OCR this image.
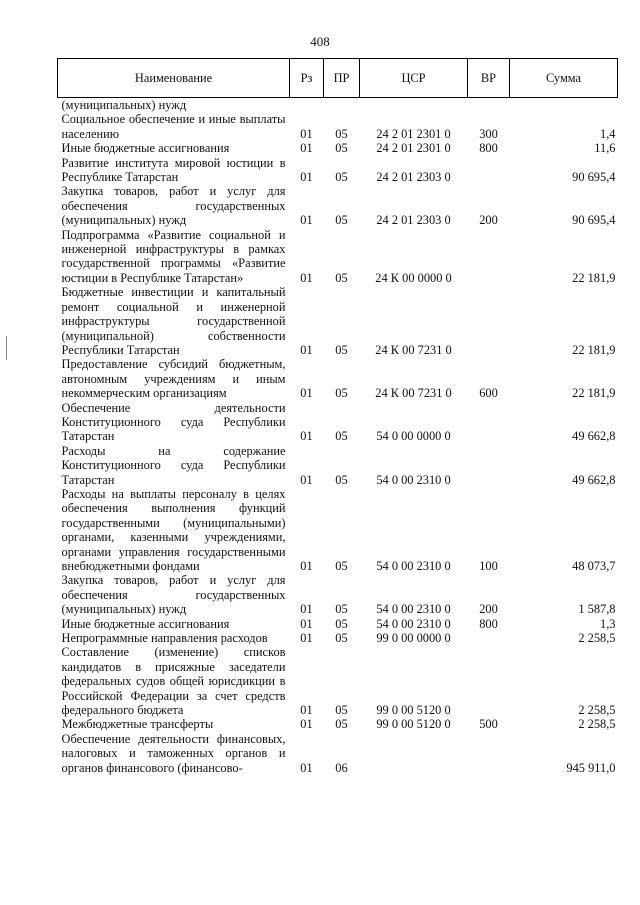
408
Наименование	Рз	ПР	ЦСР	ВР	Сумма
(муниципальных) нужд					
Социальное обеспечение и иные выплаты населению	01	05	24 2 01 2301 0	300	1,4
Иные бюджетные ассигнования	01	05	24 2 01 2301 0	800	11,6
Развитие института мировой юстиции в Республике Татарстан	01	05	24 2 01 2303 0		90 695,4
Закупка товаров, работ и услуг для обеспечения государственных (муниципальных) нужд	01	05	24 2 01 2303 0	200	90 695,4
Подпрограмма «Развитие социальной и инженерной инфраструктуры в рамках государственной программы «Развитие юстиции в Республике Татарстан»	01	05	24 К 00 0000 0		22 181,9
Бюджетные инвестиции и капитальный ремонт социальной и инженерной инфраструктуры государственной (муниципальной) собственности Республики Татарстан	01	05	24 К 00 7231 0		22 181,9
Предоставление субсидий бюджетным, автономным учреждениям и иным некоммерческим организациям	01	05	24 К 00 7231 0	600	22 181,9
Обеспечение деятельности Конституционного суда Республики Татарстан	01	05	54 0 00 0000 0		49 662,8
Расходы на содержание Конституционного суда Республики Татарстан	01	05	54 0 00 2310 0		49 662,8
Расходы на выплаты персоналу в целях обеспечения выполнения функций государственными (муниципальными) органами, казенными учреждениями, органами управления государственными внебюджетными фондами	01	05	54 0 00 2310 0	100	48 073,7
Закупка товаров, работ и услуг для обеспечения государственных (муниципальных) нужд	01	05	54 0 00 2310 0	200	1 587,8
Иные бюджетные ассигнования	01	05	54 0 00 2310 0	800	1,3
Непрограммные направления расходов	01	05	99 0 00 0000 0		2 258,5
Составление (изменение) списков кандидатов в присяжные заседатели федеральных судов общей юрисдикции в Российской Федерации за счет средств федерального бюджета	01	05	99 0 00 5120 0		2 258,5
Межбюджетные трансферты	01	05	99 0 00 5120 0	500	2 258,5
Обеспечение деятельности финансовых, налоговых и таможенных органов и органов финансового (финансово-	01	06			945 911,0
